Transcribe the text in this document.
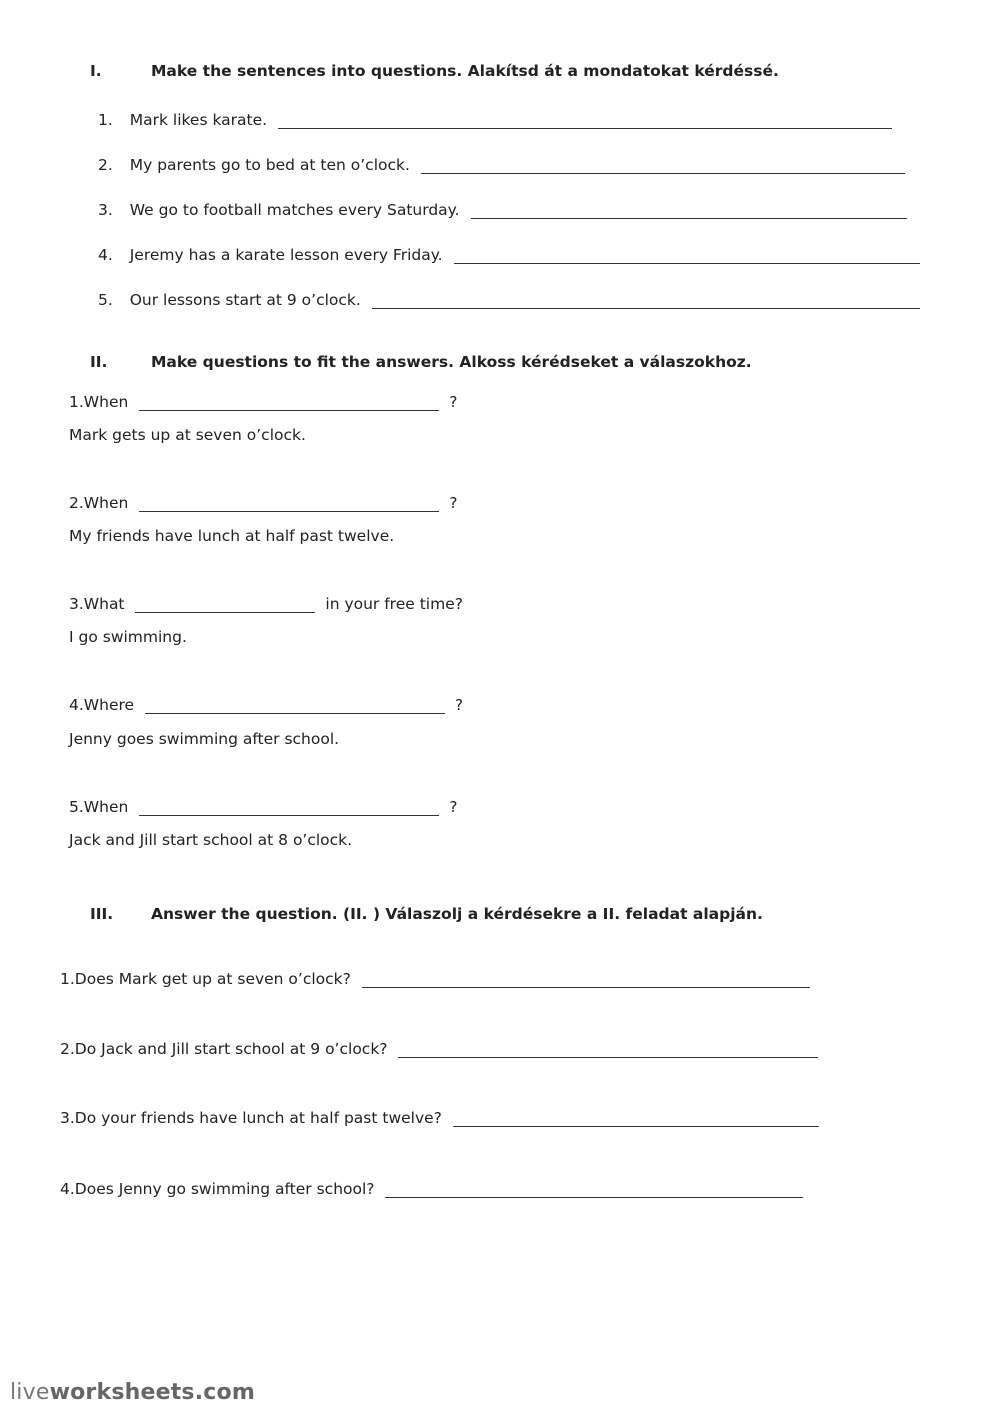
I.	Make the sentences into questions. Alakítsd át a mondatokat kérdéssé.
1. Mark likes karate.
2. My parents go to bed at ten o’clock.
3. We go to football matches every Saturday.
4. Jeremy has a karate lesson every Friday.
5. Our lessons start at 9 o’clock.
II.	Make questions to fit the answers. Alkoss kérédseket a válaszokhoz.
1.When	?
Mark gets up at seven o’clock.
2.When	?
My friends have lunch at half past twelve.
3.What	in your free time?
I go swimming.
4.Where	?
Jenny goes swimming after school.
5.When	?
Jack and Jill start school at 8 o’clock.
III. Answer the question. (II. ) Válaszolj a kérdésekre a II. feladat alapján.
1.Does Mark get up at seven o’clock?
2.Do Jack and Jill start school at 9 o’clock?
3.Do your friends have lunch at half past twelve?
4.Does Jenny go swimming after school?
liveworksheets.com
